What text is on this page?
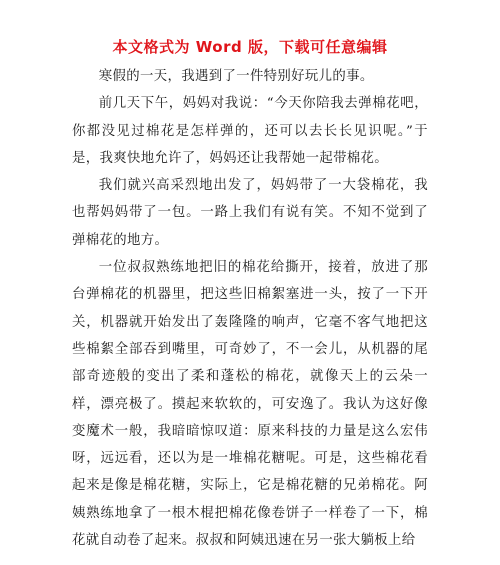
本文格式为 Word 版，下载可任意编辑

寒假的一天，我遇到了一件特别好玩儿的事。

前几天下午，妈妈对我说：“今天你陪我去弹棉花吧，你都没见过棉花是怎样弹的，还可以去长长见识呢。”于是，我爽快地允许了，妈妈还让我帮她一起带棉花。

我们就兴高采烈地出发了，妈妈带了一大袋棉花，我也帮妈妈带了一包。一路上我们有说有笑。不知不觉到了弹棉花的地方。

一位叔叔熟练地把旧的棉花给撕开，接着，放进了那台弹棉花的机器里，把这些旧棉絮塞进一头，按了一下开关，机器就开始发出了轰隆隆的响声，它毫不客气地把这些棉絮全部吞到嘴里，可奇妙了，不一会儿，从机器的尾部奇迹般的变出了柔和蓬松的棉花，就像天上的云朵一样，漂亮极了。摸起来软软的，可安逸了。我认为这好像变魔术一般，我暗暗惊叹道：原来科技的力量是这么宏伟呀，远远看，还以为是一堆棉花糖呢。可是，这些棉花看起来是像是棉花糖，实际上，它是棉花糖的兄弟棉花。阿姨熟练地拿了一根木棍把棉花像卷饼子一样卷了一下，棉花就自动卷了起来。叔叔和阿姨迅速在另一张大躺板上给
